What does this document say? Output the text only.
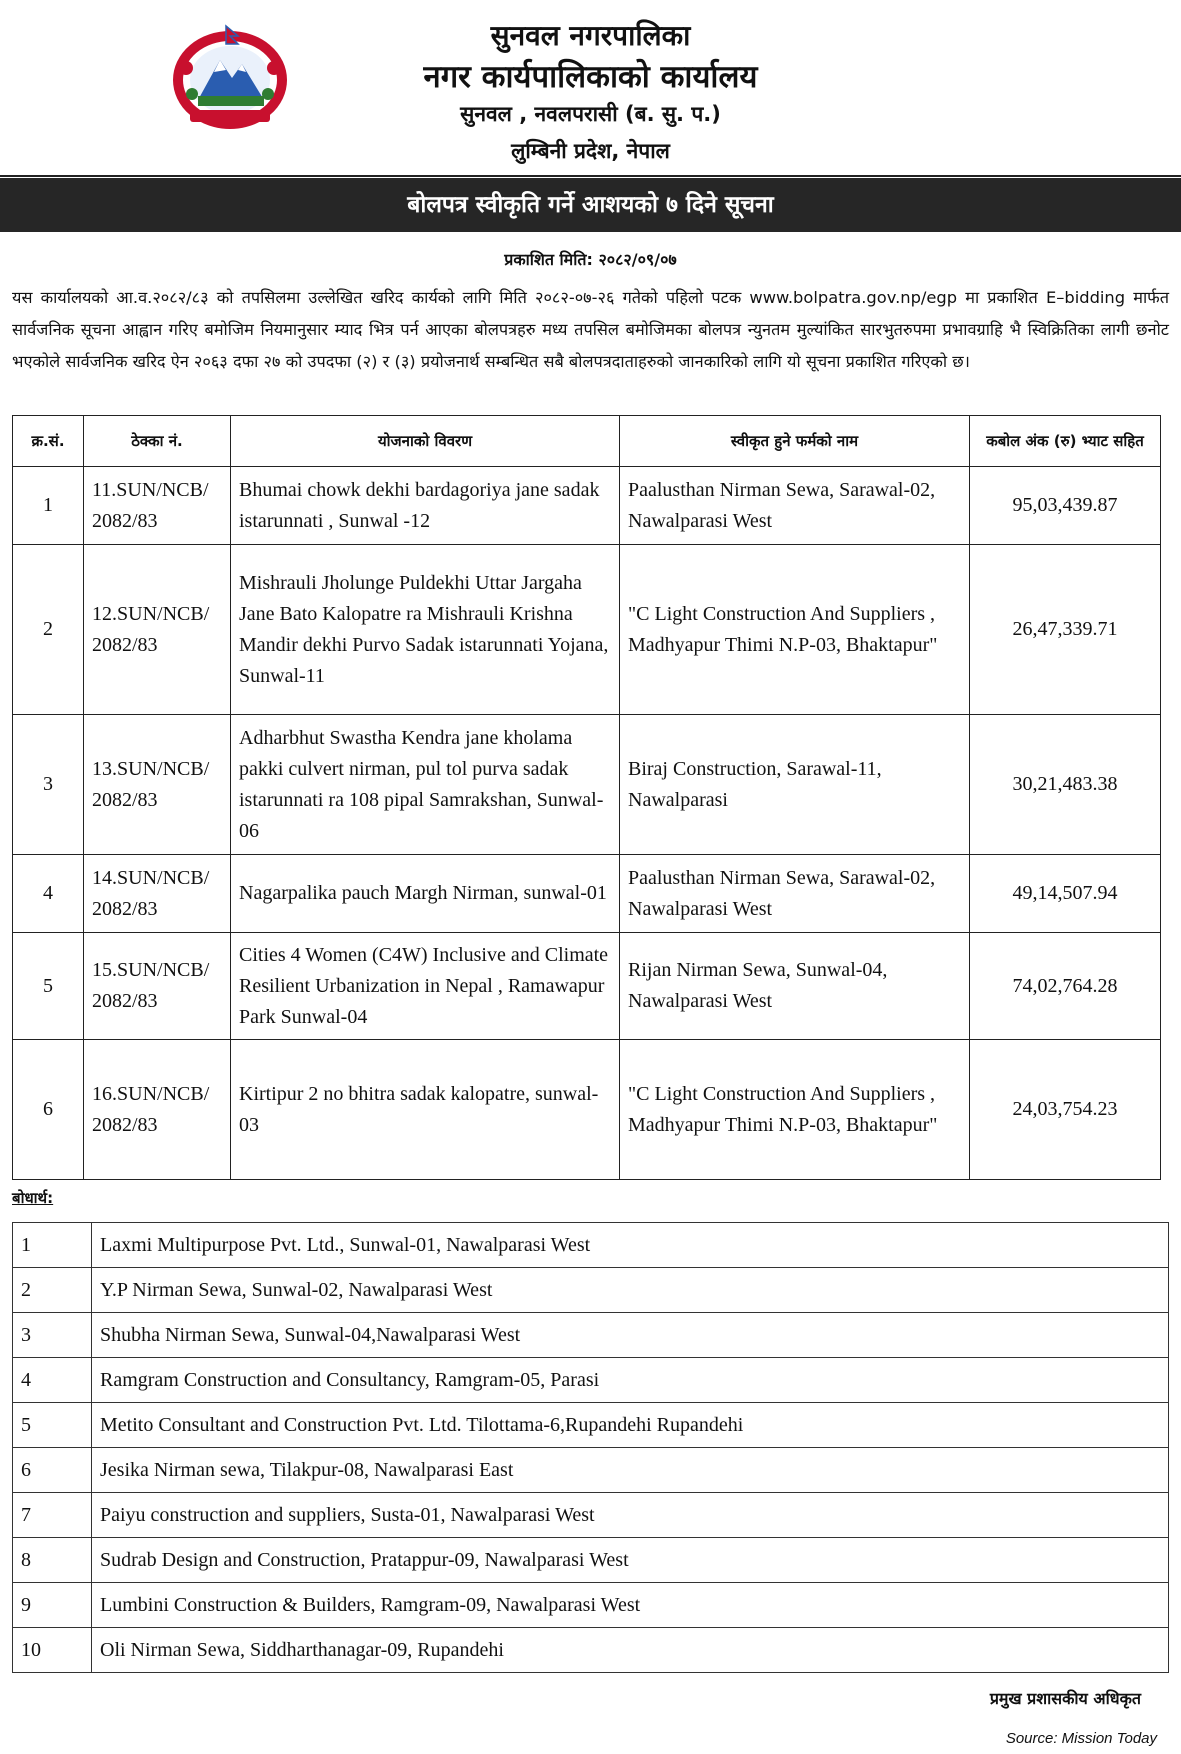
सुनवल नगरपालिका
नगर कार्यपालिकाको कार्यालय
सुनवल , नवलपरासी (ब. सु. प.)
लुम्बिनी प्रदेश, नेपाल
बोलपत्र स्वीकृति गर्ने आशयको ७ दिने सूचना
प्रकाशित मिति: २०८२/०९/०७

यस कार्यालयको आ.व.२०८२/८३ को तपसिलमा उल्लेखित खरिद कार्यको लागि मिति २०८२-०७-२६ गतेको पहिलो पटक www.bolpatra.gov.np/egp मा प्रकाशित E–bidding मार्फत सार्वजनिक सूचना आह्वान गरिए बमोजिम नियमानुसार म्याद भित्र पर्न आएका बोलपत्रहरु मध्य तपसिल बमोजिमका बोलपत्र न्युनतम मुल्यांकित सारभुतरुपमा प्रभावग्राहि भै स्विक्रितिका लागी छनोट भएकोले सार्वजनिक खरिद ऐन २०६३ दफा २७ को उपदफा (२) र (३) प्रयोजनार्थ सम्बन्धित सबै बोलपत्रदाताहरुको जानकारिको लागि यो सूचना प्रकाशित गरिएको छ।

क्र.सं.	ठेक्का नं.	योजनाको विवरण	स्वीकृत हुने फर्मको नाम	कबोल अंक (रु) भ्याट सहित
1	11.SUN/NCB/ 2082/83	Bhumai chowk dekhi bardagoriya jane sadak istarunnati , Sunwal -12	Paalusthan Nirman Sewa, Sarawal-02, Nawalparasi West	95,03,439.87
2	12.SUN/NCB/ 2082/83	Mishrauli Jholunge Puldekhi Uttar Jargaha Jane Bato Kalopatre ra Mishrauli Krishna Mandir dekhi Purvo Sadak istarunnati Yojana, Sunwal-11	"C Light Construction And Suppliers , Madhyapur Thimi N.P-03, Bhaktapur"	26,47,339.71
3	13.SUN/NCB/ 2082/83	Adharbhut Swastha Kendra jane kholama pakki culvert nirman, pul tol purva sadak istarunnati ra 108 pipal Samrakshan, Sunwal-06	Biraj Construction, Sarawal-11, Nawalparasi	30,21,483.38
4	14.SUN/NCB/ 2082/83	Nagarpalika pauch Margh Nirman, sunwal-01	Paalusthan Nirman Sewa, Sarawal-02, Nawalparasi West	49,14,507.94
5	15.SUN/NCB/ 2082/83	Cities 4 Women (C4W) Inclusive and Climate Resilient Urbanization in Nepal , Ramawapur Park Sunwal-04	Rijan Nirman Sewa, Sunwal-04, Nawalparasi West	74,02,764.28
6	16.SUN/NCB/ 2082/83	Kirtipur 2 no bhitra sadak kalopatre, sunwal-03	"C Light Construction And Suppliers , Madhyapur Thimi N.P-03, Bhaktapur"	24,03,754.23
बोधार्थ:
1	Laxmi Multipurpose Pvt. Ltd., Sunwal-01, Nawalparasi West
2	Y.P Nirman Sewa, Sunwal-02, Nawalparasi West
3	Shubha Nirman Sewa, Sunwal-04,Nawalparasi West
4	Ramgram Construction and Consultancy, Ramgram-05, Parasi
5	Metito Consultant and Construction Pvt. Ltd. Tilottama-6,Rupandehi Rupandehi
6	Jesika Nirman sewa, Tilakpur-08, Nawalparasi East
7	Paiyu construction and suppliers, Susta-01, Nawalparasi West
8	Sudrab Design and Construction, Pratappur-09, Nawalparasi West
9	Lumbini Construction & Builders, Ramgram-09, Nawalparasi West
10	Oli Nirman Sewa, Siddharthanagar-09, Rupandehi
प्रमुख प्रशासकीय अधिकृत
Source: Mission Today
